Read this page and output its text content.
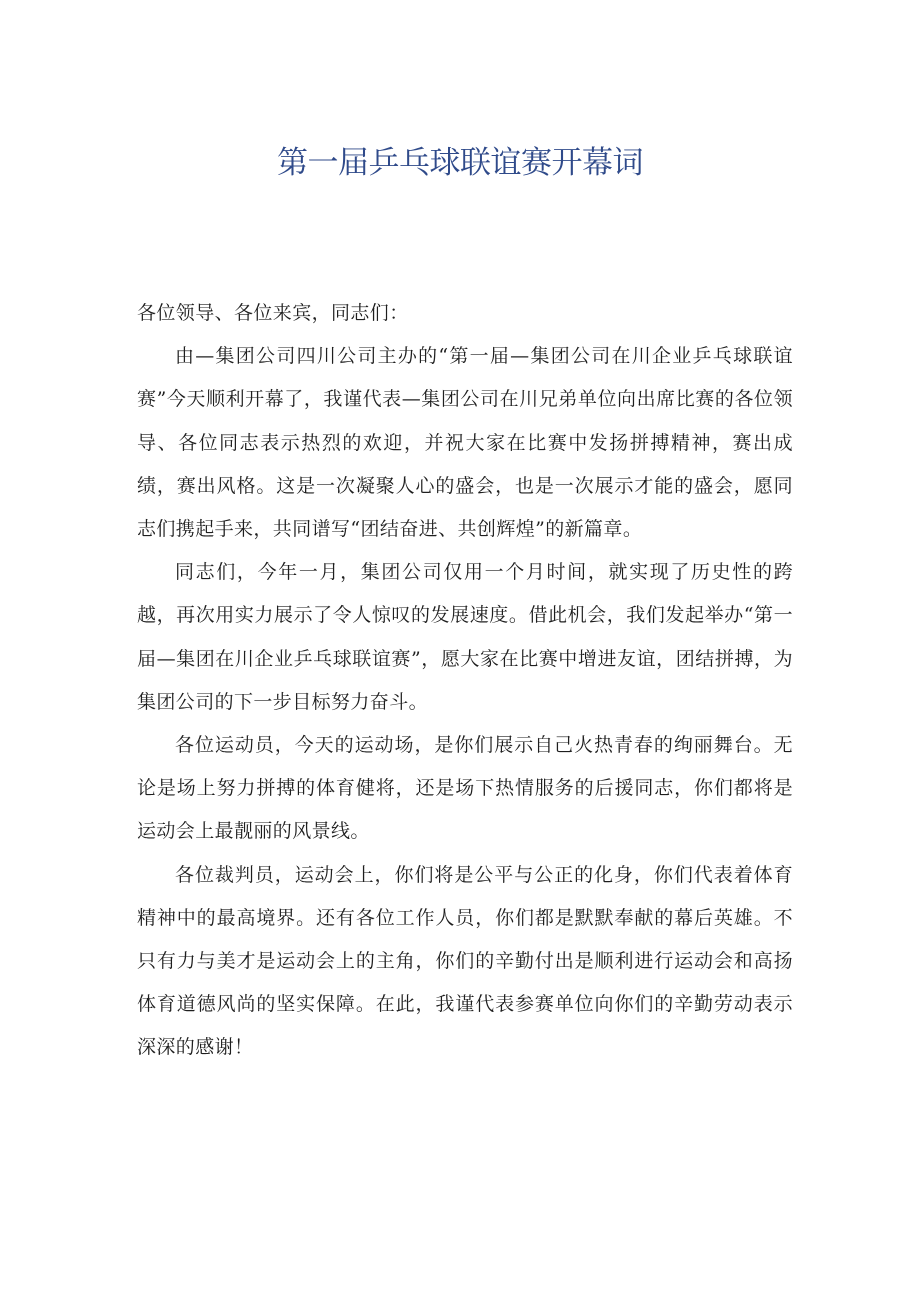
第一届乒乓球联谊赛开幕词

各位领导、各位来宾，同志们：

由—集团公司四川公司主办的“第一届—集团公司在川企业乒乓球联谊赛”今天顺利开幕了，我谨代表—集团公司在川兄弟单位向出席比赛的各位领导、各位同志表示热烈的欢迎，并祝大家在比赛中发扬拼搏精神，赛出成绩，赛出风格。这是一次凝聚人心的盛会，也是一次展示才能的盛会，愿同志们携起手来，共同谱写“团结奋进、共创辉煌”的新篇章。

同志们，今年一月，集团公司仅用一个月时间，就实现了历史性的跨越，再次用实力展示了令人惊叹的发展速度。借此机会，我们发起举办“第一届—集团在川企业乒乓球联谊赛”，愿大家在比赛中增进友谊，团结拼搏，为集团公司的下一步目标努力奋斗。

各位运动员，今天的运动场，是你们展示自己火热青春的绚丽舞台。无论是场上努力拼搏的体育健将，还是场下热情服务的后援同志，你们都将是运动会上最靓丽的风景线。

各位裁判员，运动会上，你们将是公平与公正的化身，你们代表着体育精神中的最高境界。还有各位工作人员，你们都是默默奉献的幕后英雄。不只有力与美才是运动会上的主角，你们的辛勤付出是顺利进行运动会和高扬体育道德风尚的坚实保障。在此，我谨代表参赛单位向你们的辛勤劳动表示深深的感谢！
